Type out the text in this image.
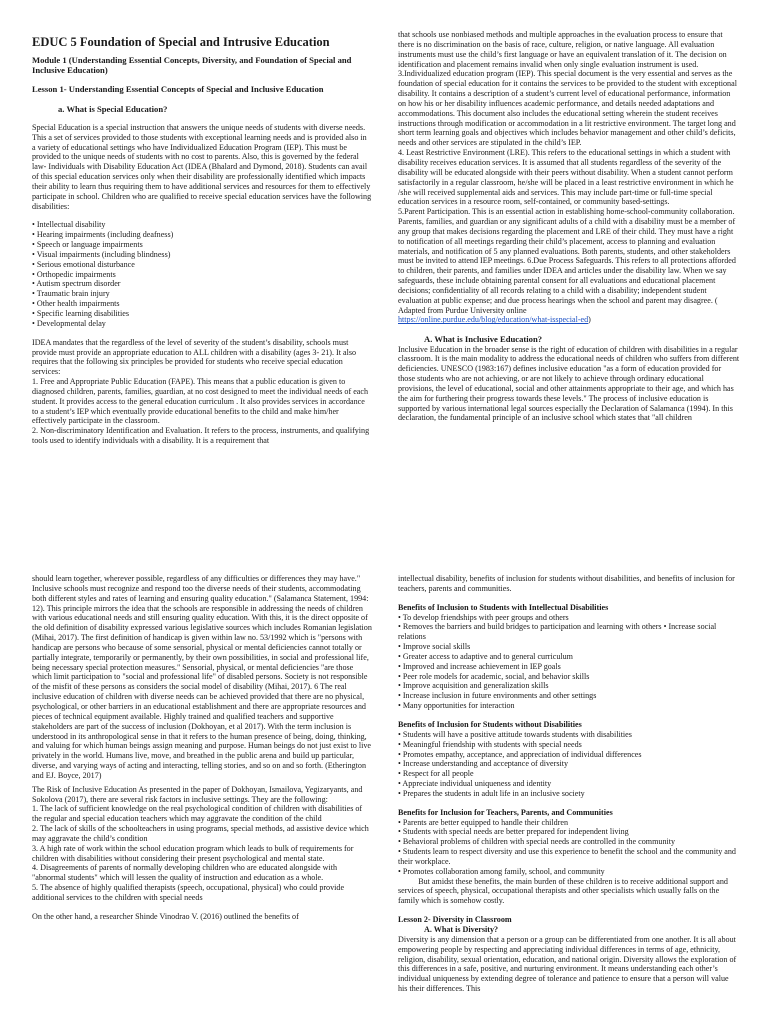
EDUC 5 Foundation of Special and Intrusive Education

Module 1 (Understanding Essential Concepts, Diversity, and Foundation of Special and Inclusive Education)

Lesson 1- Understanding Essential Concepts of Special and Inclusive Education

a. What is Special Education?

Special Education is a special instruction that answers the unique needs of students with diverse needs. This a set of services provided to those students with exceptional learning needs and is provided also in a variety of educational settings who have Individualized Education Program (IEP). This must be provided to the unique needs of students with no cost to parents. Also, this is governed by the federal law- Individuals with Disability Education Act (IDEA (Bhalard and Dymond, 2018). Students can avail of this special education services only when their disability are professionally identified which impacts their ability to learn thus requiring them to have additional services and resources for them to effectively participate in school. Children who are qualified to receive special education services have the following disabilities:

• Intellectual disability

• Hearing impairments (including deafness)

• Speech or language impairments

• Visual impairments (including blindness)

• Serious emotional disturbance

• Orthopedic impairments

• Autism spectrum disorder

• Traumatic brain injury

• Other health impairments

• Specific learning disabilities

• Developmental delay

IDEA mandates that the regardless of the level of severity of the student’s disability, schools must provide must provide an appropriate education to ALL children with a disability (ages 3- 21). It also requires that the following six principles be provided for students who receive special education services:

1. Free and Appropriate Public Education (FAPE). This means that a public education is given to diagnosed children, parents, families, guardian, at no cost designed to meet the individual needs of each student. It provides access to the general education curriculum . It also provides services in accordance to a student’s IEP which eventually provide educational benefits to the child and make him/her effectively participate in the classroom.

2. Non-discriminatory Identification and Evaluation. It refers to the process, instruments, and qualifying tools used to identify individuals with a disability. It is a requirement that

that schools use nonbiased methods and multiple approaches in the evaluation process to ensure that there is no discrimination on the basis of race, culture, religion, or native language. All evaluation instruments must use the child’s first language or have an equivalent translation of it. The decision on identification and placement remains invalid when only single evaluation instrument is used.

3.Individualized education program (IEP). This special document is the very essential and serves as the foundation of special education for it contains the services to be provided to the student with exceptional disability. It contains a description of a student’s current level of educational performance, information on how his or her disability influences academic performance, and details needed adaptations and accommodations. This document also includes the educational setting wherein the student receives instructions through modification or accommodation in a lit restrictive environment. The target long and short term learning goals and objectives which includes behavior management and other child’s deficits, needs and other services are stipulated in the child’s IEP.

4. Least Restrictive Environment (LRE). This refers to the educational settings in which a student with disability receives education services. It is assumed that all students regardless of the severity of the disability will be educated alongside with their peers without disability. When a student cannot perform satisfactorily in a regular classroom, he/she will be placed in a least restrictive environment in which he /she will received supplemental aids and services. This may include part-time or full-time special education services in a resource room, self-contained, or community based-settings.

5.Parent Participation. This is an essential action in establishing home-school-community collaboration. Parents, families, and guardian or any significant adults of a child with a disability must be a member of any group that makes decisions regarding the placement and LRE of their child. They must have a right to notification of all meetings regarding their child’s placement, access to planning and evaluation materials, and notification of 5 any planned evaluations. Both parents, students, and other stakeholders must be invited to attend IEP meetings. 6.Due Process Safeguards. This refers to all protections afforded to children, their parents, and families under IDEA and articles under the disability law. When we say safeguards, these include obtaining parental consent for all evaluations and educational placement decisions; confidentiality of all records relating to a child with a disability; independent student evaluation at public expense; and due process hearings when the school and parent may disagree. ( Adapted from Purdue University online
https://online.purdue.edu/blog/education/what-isspecial-ed)

A. What is Inclusive Education?

Inclusive Education in the broader sense is the right of education of children with disabilities in a regular classroom. It is the main modality to address the educational needs of children who suffers from different deficiencies. UNESCO (1983:167) defines inclusive education "as a form of education provided for those students who are not achieving, or are not likely to achieve through ordinary educational provisions, the level of educational, social and other attainments appropriate to their age, and which has the aim for furthering their progress towards these levels." The process of inclusive education is supported by various international legal sources especially the Declaration of Salamanca (1994). In this declaration, the fundamental principle of an inclusive school which states that "all children

should learn together, wherever possible, regardless of any difficulties or differences they may have." Inclusive schools must recognize and respond too the diverse needs of their students, accommodating both different styles and rates of learning and ensuring quality education." (Salamanca Statement, 1994: 12). This principle mirrors the idea that the schools are responsible in addressing the needs of children with various educational needs and still ensuring quality education. With this, it is the direct opposite of the old definition of disability expressed various legislative sources which includes Romanian legislation (Mihai, 2017). The first definition of handicap is given within law no. 53/1992 which is "persons with handicap are persons who because of some sensorial, physical or mental deficiencies cannot totally or partially integrate, temporarily or permanently, by their own possibilities, in social and professional life, being necessary special protection measures." Sensorial, physical, or mental deficiencies "are those which limit participation to "social and professional life" of disabled persons. Society is not responsible of the misfit of these persons as considers the social model of disability (Mihai, 2017). 6 The real inclusive education of children with diverse needs can be achieved provided that there are no physical, psychological, or other barriers in an educational establishment and there are appropriate resources and pieces of technical equipment available. Highly trained and qualified teachers and supportive stakeholders are part of the success of inclusion (Dokhoyan, et al 2017). With the term inclusion is understood in its anthropological sense in that it refers to the human presence of being, doing, thinking, and valuing for which human beings assign meaning and purpose. Human beings do not just exist to live privately in the world. Humans live, move, and breathed in the public arena and build up particular, diverse, and varying ways of acting and interacting, telling stories, and so on and so forth. (Etherington and EJ. Boyce, 2017)

The Risk of Inclusive Education As presented in the paper of Dokhoyan, Ismailova, Yegizaryants, and Sokolova (2017), there are several risk factors in inclusive settings. They are the following:

1. The lack of sufficient knowledge on the real psychological condition of children with disabilities of the regular and special education teachers which may aggravate the condition of the child

2. The lack of skills of the schoolteachers in using programs, special methods, ad assistive device which may aggravate the child’s condition

3. A high rate of work within the school education program which leads to bulk of requirements for children with disabilities without considering their present psychological and mental state.

4. Disagreements of parents of normally developing children who are educated alongside with "abnormal students" which will lessen the quality of instruction and education as a whole.

5. The absence of highly qualified therapists (speech, occupational, physical) who could provide additional services to the children with special needs

On the other hand, a researcher Shinde Vinodrao V. (2016) outlined the benefits of

intellectual disability, benefits of inclusion for students without disabilities, and benefits of inclusion for teachers, parents and communities.

Benefits of Inclusion to Students with Intellectual Disabilities

• To develop friendships with peer groups and others

• Removes the barriers and build bridges to participation and learning with others • Increase social relations

• Improve social skills

• Greater access to adaptive and to general curriculum

• Improved and increase achievement in IEP goals

• Peer role models for academic, social, and behavior skills

• Improve acquisition and generalization skills

• Increase inclusion in future environments and other settings

• Many opportunities for interaction

Benefits of Inclusion for Students without Disabilities

• Students will have a positive attitude towards students with disabilities

• Meaningful friendship with students with special needs

• Promotes empathy, acceptance, and appreciation of individual differences

• Increase understanding and acceptance of diversity

• Respect for all people

• Appreciate individual uniqueness and identity

• Prepares the students in adult life in an inclusive society

Benefits for Inclusion for Teachers, Parents, and Communities

• Parents are better equipped to handle their children

• Students with special needs are better prepared for independent living

• Behavioral problems of children with special needs are controlled in the community

• Students learn to respect diversity and use this experience to benefit the school and the community and their workplace.

• Promotes collaboration among family, school, and community

But amidst these benefits, the main burden of these children is to receive additional support and services of speech, physical, occupational therapists and other specialists which usually falls on the family which is somehow costly.

Lesson 2- Diversity in Classroom

A. What is Diversity?

Diversity is any dimension that a person or a group can be differentiated from one another. It is all about empowering people by respecting and appreciating individual differences in terms of age, ethnicity, religion, disability, sexual orientation, education, and national origin. Diversity allows the exploration of this differences in a safe, positive, and nurturing environment. It means understanding each other’s individual uniqueness by extending degree of tolerance and patience to ensure that a person will value his their differences. This
